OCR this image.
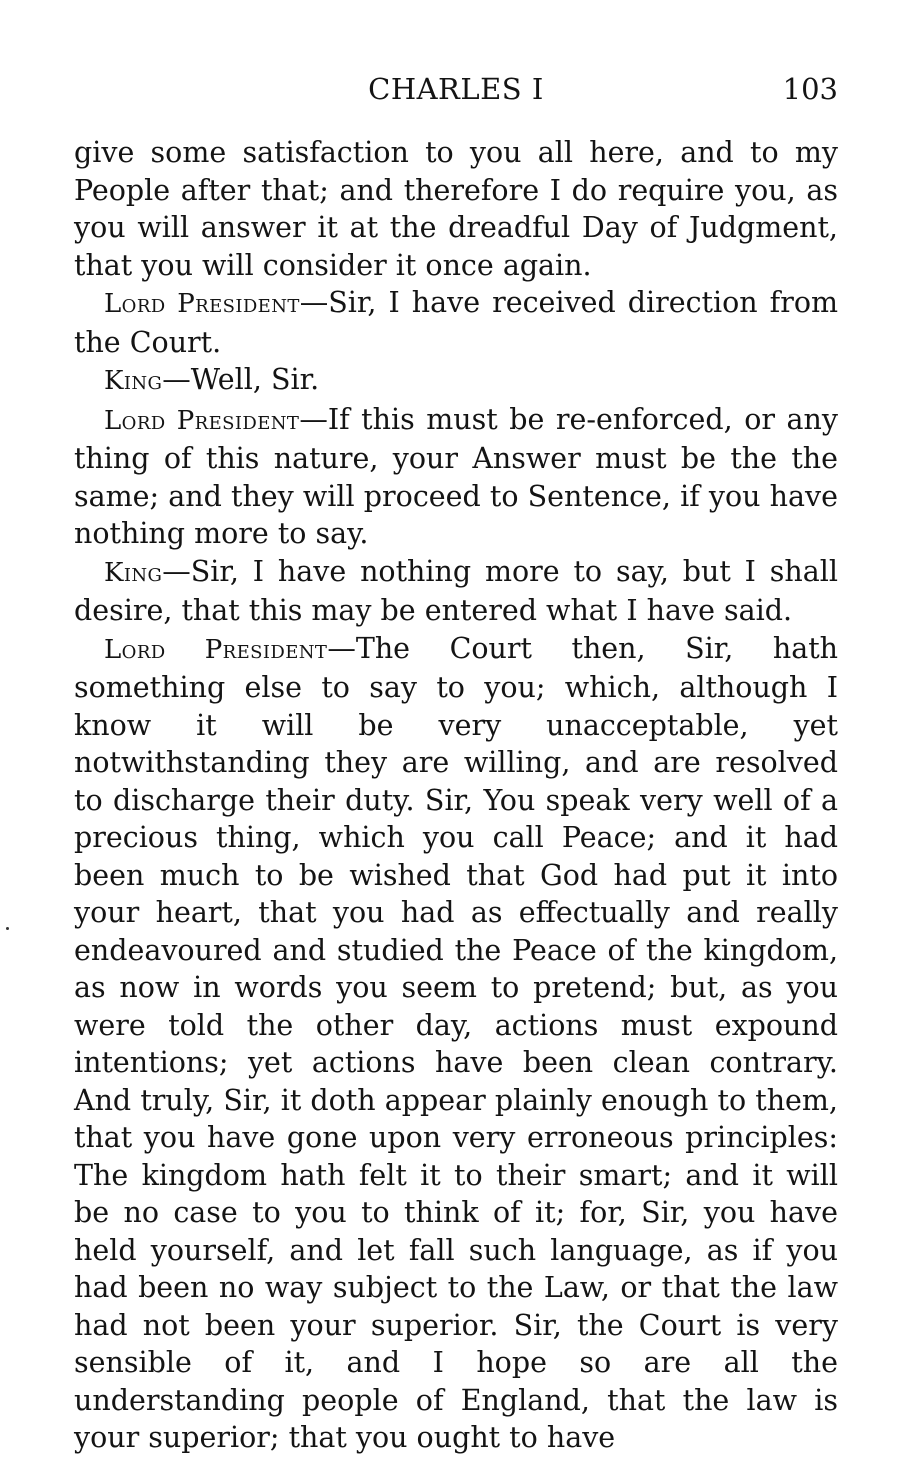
CHARLES I	103

give some satisfaction to you all here, and to my People after that; and therefore I do require you, as you will answer it at the dreadful Day of Judgment, that you will consider it once again.

Lord President—Sir, I have received direction from the Court.

King—Well, Sir.

Lord President—If this must be re-enforced, or any thing of this nature, your Answer must be the the same; and they will proceed to Sentence, if you have nothing more to say.

King—Sir, I have nothing more to say, but I shall desire, that this may be entered what I have said.

Lord President—The Court then, Sir, hath something else to say to you; which, although I know it will be very unacceptable, yet notwithstanding they are willing, and are resolved to discharge their duty. Sir, You speak very well of a precious thing, which you call Peace; and it had been much to be wished that God had put it into your heart, that you had as effectually and really endeavoured and studied the Peace of the kingdom, as now in words you seem to pretend; but, as you were told the other day, actions must expound intentions; yet actions have been clean contrary. And truly, Sir, it doth appear plainly enough to them, that you have gone upon very erroneous principles: The kingdom hath felt it to their smart; and it will be no case to you to think of it; for, Sir, you have held yourself, and let fall such language, as if you had been no way subject to the Law, or that the law had not been your superior. Sir, the Court is very sensible of it, and I hope so are all the understanding people of England, that the law is your superior; that you ought to have
